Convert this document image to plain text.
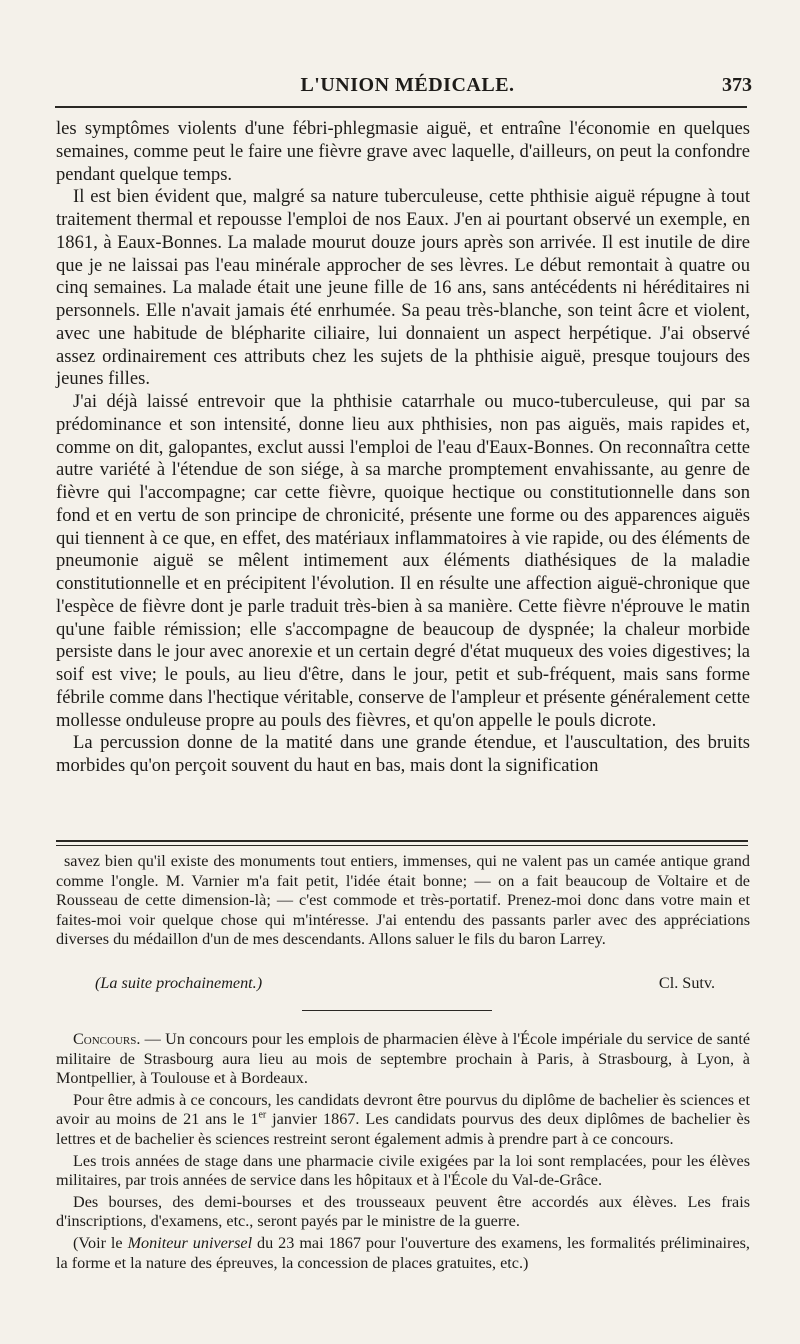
L'UNION MÉDICALE.	373

les symptômes violents d'une fébri-phlegmasie aiguë, et entraîne l'économie en quelques semaines, comme peut le faire une fièvre grave avec laquelle, d'ailleurs, on peut la confondre pendant quelque temps.

Il est bien évident que, malgré sa nature tuberculeuse, cette phthisie aiguë répugne à tout traitement thermal et repousse l'emploi de nos Eaux. J'en ai pourtant observé un exemple, en 1861, à Eaux-Bonnes. La malade mourut douze jours après son arrivée. Il est inutile de dire que je ne laissai pas l'eau minérale approcher de ses lèvres. Le début remontait à quatre ou cinq semaines. La malade était une jeune fille de 16 ans, sans antécédents ni héréditaires ni personnels. Elle n'avait jamais été enrhumée. Sa peau très-blanche, son teint âcre et violent, avec une habitude de blépharite ciliaire, lui donnaient un aspect herpétique. J'ai observé assez ordinairement ces attributs chez les sujets de la phthisie aiguë, presque toujours des jeunes filles.

J'ai déjà laissé entrevoir que la phthisie catarrhale ou muco-tuberculeuse, qui par sa prédominance et son intensité, donne lieu aux phthisies, non pas aiguës, mais rapides et, comme on dit, galopantes, exclut aussi l'emploi de l'eau d'Eaux-Bonnes. On reconnaîtra cette autre variété à l'étendue de son siége, à sa marche promptement envahissante, au genre de fièvre qui l'accompagne; car cette fièvre, quoique hectique ou constitutionnelle dans son fond et en vertu de son principe de chronicité, présente une forme ou des apparences aiguës qui tiennent à ce que, en effet, des matériaux inflammatoires à vie rapide, ou des éléments de pneumonie aiguë se mêlent intimement aux éléments diathésiques de la maladie constitutionnelle et en précipitent l'évolution. Il en résulte une affection aiguë-chronique que l'espèce de fièvre dont je parle traduit très-bien à sa manière. Cette fièvre n'éprouve le matin qu'une faible rémission; elle s'accompagne de beaucoup de dyspnée; la chaleur morbide persiste dans le jour avec anorexie et un certain degré d'état muqueux des voies digestives; la soif est vive; le pouls, au lieu d'être, dans le jour, petit et sub-fréquent, mais sans forme fébrile comme dans l'hectique véritable, conserve de l'ampleur et présente généralement cette mollesse onduleuse propre au pouls des fièvres, et qu'on appelle le pouls dicrote.

La percussion donne de la matité dans une grande étendue, et l'auscultation, des bruits morbides qu'on perçoit souvent du haut en bas, mais dont la signification

savez bien qu'il existe des monuments tout entiers, immenses, qui ne valent pas un camée antique grand comme l'ongle. M. Varnier m'a fait petit, l'idée était bonne; — on a fait beaucoup de Voltaire et de Rousseau de cette dimension-là; — c'est commode et très-portatif. Prenez-moi donc dans votre main et faites-moi voir quelque chose qui m'intéresse. J'ai entendu des passants parler avec des appréciations diverses du médaillon d'un de mes descendants. Allons saluer le fils du baron Larrey.

(La suite prochainement.)	Cl. Sutv.

Concours. — Un concours pour les emplois de pharmacien élève à l'École impériale du service de santé militaire de Strasbourg aura lieu au mois de septembre prochain à Paris, à Strasbourg, à Lyon, à Montpellier, à Toulouse et à Bordeaux.

Pour être admis à ce concours, les candidats devront être pourvus du diplôme de bachelier ès sciences et avoir au moins de 21 ans le 1er janvier 1867. Les candidats pourvus des deux diplômes de bachelier ès lettres et de bachelier ès sciences restreint seront également admis à prendre part à ce concours.

Les trois années de stage dans une pharmacie civile exigées par la loi sont remplacées, pour les élèves militaires, par trois années de service dans les hôpitaux et à l'École du Val-de-Grâce.

Des bourses, des demi-bourses et des trousseaux peuvent être accordés aux élèves. Les frais d'inscriptions, d'examens, etc., seront payés par le ministre de la guerre.

(Voir le Moniteur universel du 23 mai 1867 pour l'ouverture des examens, les formalités préliminaires, la forme et la nature des épreuves, la concession de places gratuites, etc.)
